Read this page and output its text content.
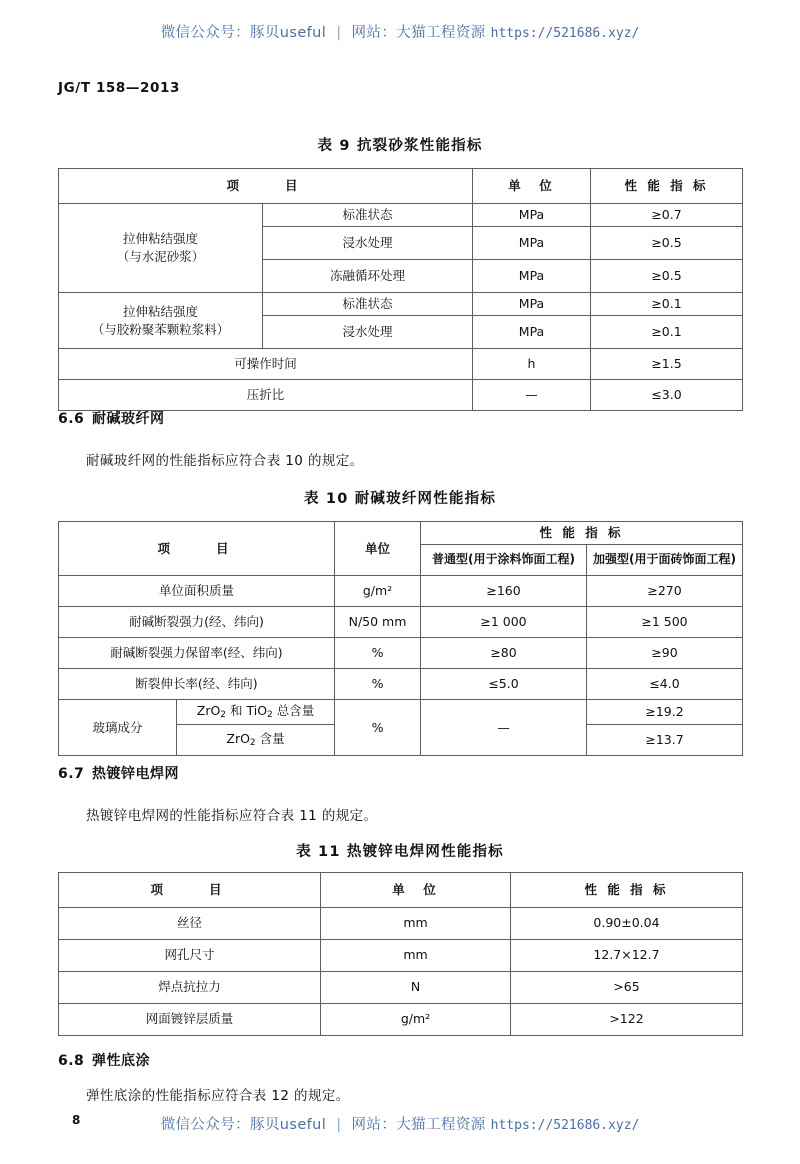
微信公众号：豚贝useful | 网站：大猫工程资源 https://521686.xyz/
JG/T 158—2013
表 9 抗裂砂浆性能指标
项　　目		单　位	性 能 指 标

拉伸粘结强度
（与水泥砂浆）	标准状态	MPa	≥0.7
	浸水处理	MPa	≥0.5
	冻融循环处理	MPa	≥0.5

拉伸粘结强度
（与胶粉聚苯颗粒浆料）	标准状态	MPa	≥0.1
	浸水处理	MPa	≥0.1
可操作时间		h	≥1.5
压折比		—	≤3.0
6.6 耐碱玻纤网
耐碱玻纤网的性能指标应符合表 10 的规定。
表 10 耐碱玻纤网性能指标
项　　目		单位	性 能 指 标	
			普通型(用于涂料饰面工程)	加强型(用于面砖饰面工程)
单位面积质量		g/m²	≥160	≥270
耐碱断裂强力(经、纬向)		N/50 mm	≥1 000	≥1 500
耐碱断裂强力保留率(经、纬向)		%	≥80	≥90
断裂伸长率(经、纬向)		%	≤5.0	≤4.0
玻璃成分	ZrO$_2$ 和 TiO$_2$ 总含量	%	—	≥19.2
	ZrO$_2$ 含量			≥13.7
6.7 热镀锌电焊网
热镀锌电焊网的性能指标应符合表 11 的规定。
表 11 热镀锌电焊网性能指标
项　　目	单　位	性 能 指 标
丝径	mm	0.90±0.04
网孔尺寸	mm	12.7×12.7
焊点抗拉力	N	>65
网面镀锌层质量	g/m²	>122
6.8 弹性底涂
弹性底涂的性能指标应符合表 12 的规定。
8	微信公众号：豚贝useful | 网站：大猫工程资源 https://521686.xyz/
